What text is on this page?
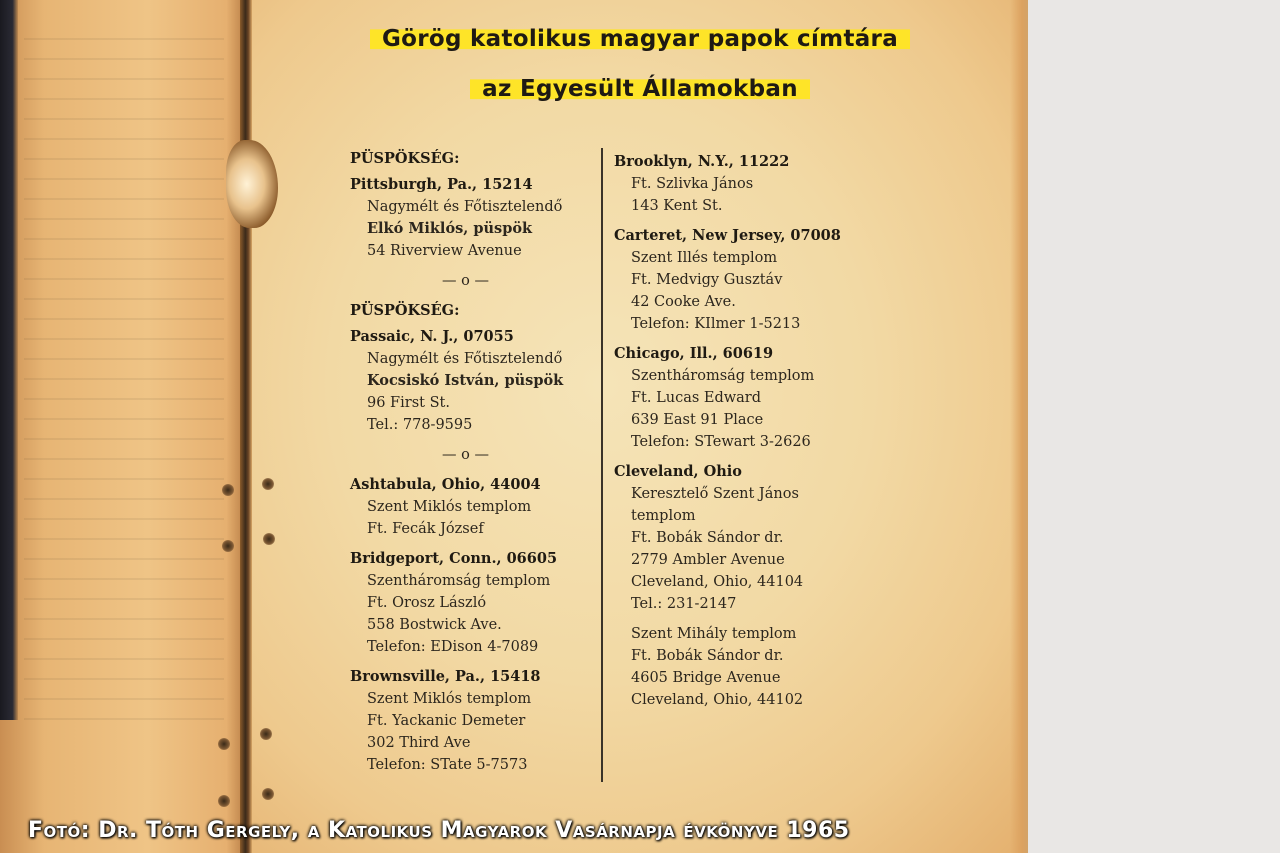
Görög katolikus magyar papok címtára
az Egyesült Államokban
PÜSPÖKSÉG:
Pittsburgh, Pa., 15214
Nagymélt és Főtisztelendő
Elkó Miklós, püspök
54 Riverview Avenue
— o —
PÜSPÖKSÉG:
Passaic, N. J., 07055
Nagymélt és Főtisztelendő
Kocsiskó István, püspök
96 First St.
Tel.: 778-9595
— o —
Ashtabula, Ohio, 44004
Szent Miklós templom
Ft. Fecák József
Bridgeport, Conn., 06605
Szentháromság templom
Ft. Orosz László
558 Bostwick Ave.
Telefon: EDison 4-7089
Brownsville, Pa., 15418
Szent Miklós templom
Ft. Yackanic Demeter
302 Third Ave
Telefon: STate 5-7573
Brooklyn, N.Y., 11222
Ft. Szlivka János
143 Kent St.
Carteret, New Jersey, 07008
Szent Illés templom
Ft. Medvigy Gusztáv
42 Cooke Ave.
Telefon: KIlmer 1-5213
Chicago, Ill., 60619
Szentháromság templom
Ft. Lucas Edward
639 East 91 Place
Telefon: STewart 3-2626
Cleveland, Ohio
Keresztelő Szent János
templom
Ft. Bobák Sándor dr.
2779 Ambler Avenue
Cleveland, Ohio, 44104
Tel.: 231-2147
Szent Mihály templom
Ft. Bobák Sándor dr.
4605 Bridge Avenue
Cleveland, Ohio, 44102
Fotó: Dr. Tóth Gergely, a Katolikus Magyarok Vasárnapja évkönyve 1965
